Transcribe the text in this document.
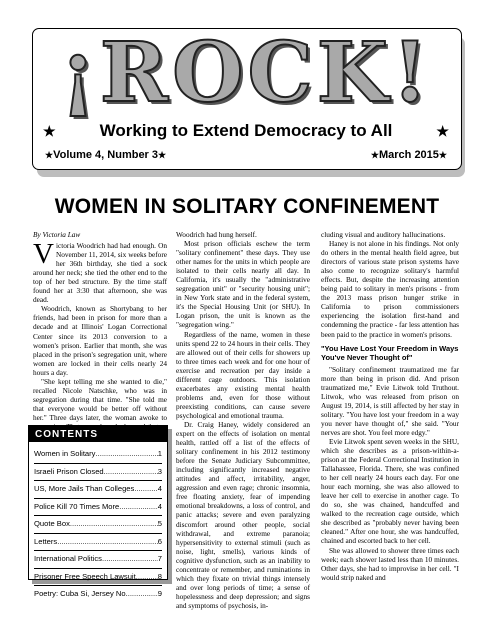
¡ROCK!
★	Working to Extend Democracy to All	★
★Volume 4, Number 3★	★March 2015★
WOMEN IN SOLITARY CONFINEMENT

By Victoria Law

Victoria Woodrich had had enough. On November 11, 2014, six weeks before her 36th birthday, she tied a sock around her neck; she tied the other end to the top of her bed structure. By the time staff found her at 3:30 that afternoon, she was dead.

Woodrich, known as Shortybang to her friends, had been in prison for more than a decade and at Illinois' Logan Correctional Center since its 2013 conversion to a women's prison. Earlier that month, she was placed in the prison's segregation unit, where women are locked in their cells nearly 24 hours a day.

"She kept telling me she wanted to die," recalled Nicole Natschke, who was in segregation during that time. "She told me that everyone would be better off without her." Three days later, the woman awoke to

CONTENTS
Women in Solitary .....	1
Israeli Prison Closed .....	3
US, More Jails Than Colleges .....	4
Police Kill 70 Times More .....	4
Quote Box .....	5
Letters .....	6
International Politics .....	7
Prisoner Free Speech Lawsuit .....	8
Poetry: Cuba Si, Jersey No .....	9

Woodrich had hung herself.

Most prison officials eschew the term "solitary confinement" these days. They use other names for the units in which people are isolated to their cells nearly all day. In California, it's usually the "administrative segregation unit" or "security housing unit"; in New York state and in the federal system, it's the Special Housing Unit (or SHU). In Logan prison, the unit is known as the "segregation wing."

Regardless of the name, women in these units spend 22 to 24 hours in their cells. They are allowed out of their cells for showers up to three times each week and for one hour of exercise and recreation per day inside a different cage outdoors. This isolation exacerbates any existing mental health problems and, even for those without preexisting conditions, can cause severe psychological and emotional trauma.

Dr. Craig Haney, widely considered an expert on the effects of isolation on mental health, rattled off a list of the effects of solitary confinement in his 2012 testimony before the Senate Judiciary Subcommittee, including significantly increased negative attitudes and affect, irritability, anger, aggression and even rage; chronic insomnia, free floating anxiety, fear of impending emotional breakdowns, a loss of control, and panic attacks; severe and even paralyzing discomfort around other people, social withdrawal, and extreme paranoia; hypersensitivity to external stimuli (such as noise, light, smells), various kinds of cognitive dysfunction, such as an inability to concentrate or remember, and ruminations in which they fixate on trivial things intensely and over long periods of time; a sense of hopelessness and deep depression; and signs and symptoms of psychosis, in-

cluding visual and auditory hallucinations.

Haney is not alone in his findings. Not only do others in the mental health field agree, but directors of various state prison systems have also come to recognize solitary's harmful effects. But, despite the increasing attention being paid to solitary in men's prisons - from the 2013 mass prison hunger strike in California to prison commissioners experiencing the isolation first-hand and condemning the practice - far less attention has been paid to the practice in women's prisons.

"You Have Lost Your Freedom in Ways You've Never Thought of"

"Solitary confinement traumatized me far more than being in prison did. And prison traumatized me," Evie Litwok told Truthout. Litwok, who was released from prison on August 19, 2014, is still affected by her stay in solitary. "You have lost your freedom in a way you never have thought of," she said. "Your nerves are shot. You feel more edgy."

Evie Litwok spent seven weeks in the SHU, which she describes as a prison-within-a-prison at the Federal Correctional Institution in Tallahassee, Florida. There, she was confined to her cell nearly 24 hours each day. For one hour each morning, she was also allowed to leave her cell to exercise in another cage. To do so, she was chained, handcuffed and walked to the recreation cage outside, which she described as "probably never having been cleaned." After one hour, she was handcuffed, chained and escorted back to her cell.

She was allowed to shower three times each week; each shower lasted less than 10 minutes. Other days, she had to improvise in her cell. "I would strip naked and
